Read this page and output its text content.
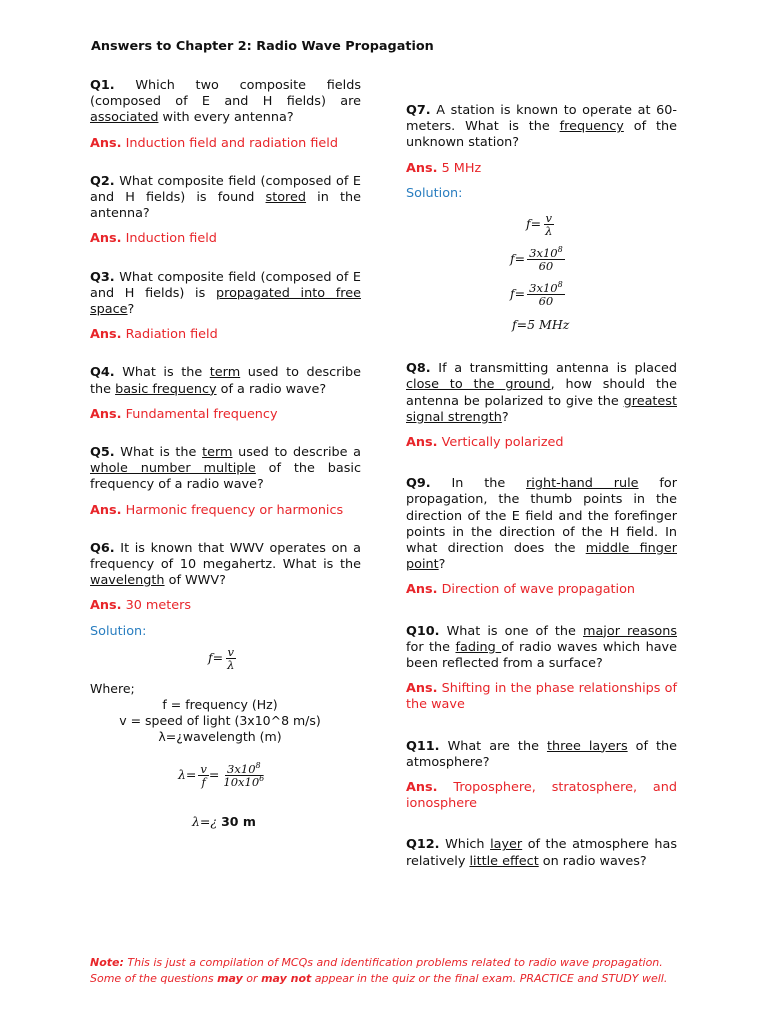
Answers to Chapter 2: Radio Wave Propagation

Q1. Which two composite fields (composed of E and H fields) are associated with every antenna?

Ans. Induction field and radiation field

Q2. What composite field (composed of E and H fields) is found stored in the antenna?

Ans. Induction field

Q3. What composite field (composed of E and H fields) is propagated into free space?

Ans. Radiation field

Q4. What is the term used to describe the basic frequency of a radio wave?

Ans. Fundamental frequency

Q5. What is the term used to describe a whole number multiple of the basic frequency of a radio wave?

Ans. Harmonic frequency or harmonics

Q6. It is known that WWV operates on a frequency of 10 megahertz. What is the wavelength of WWV?

Ans. 30 meters
Solution:
$f= \frac{v}{\lambda}$
Where;
f = frequency (Hz)
v = speed of light (3x10^8 m/s)
λ=¿wavelength (m)
$\lambda= \frac{v}{f} = \frac{3x10^8}{10x10^6}$
λ=¿ 30 m

Q7. A station is known to operate at 60-meters. What is the frequency of the unknown station?

Ans. 5 MHz
Solution:
$f= \frac{v}{\lambda}$
$f= \frac{3x10^8}{60}$
$f= \frac{3x10^8}{60}$
f=5 MHz

Q8. If a transmitting antenna is placed close to the ground, how should the antenna be polarized to give the greatest signal strength?

Ans. Vertically polarized

Q9. In the right-hand rule for propagation, the thumb points in the direction of the E field and the forefinger points in the direction of the H field. In what direction does the middle finger point?

Ans. Direction of wave propagation

Q10. What is one of the major reasons for the fading of radio waves which have been reflected from a surface?

Ans. Shifting in the phase relationships of the wave

Q11. What are the three layers of the atmosphere?

Ans. Troposphere, stratosphere, and ionosphere

Q12. Which layer of the atmosphere has relatively little effect on radio waves?

Note: This is just a compilation of MCQs and identification problems related to radio wave propagation. Some of the questions may or may not appear in the quiz or the final exam. PRACTICE and STUDY well.
